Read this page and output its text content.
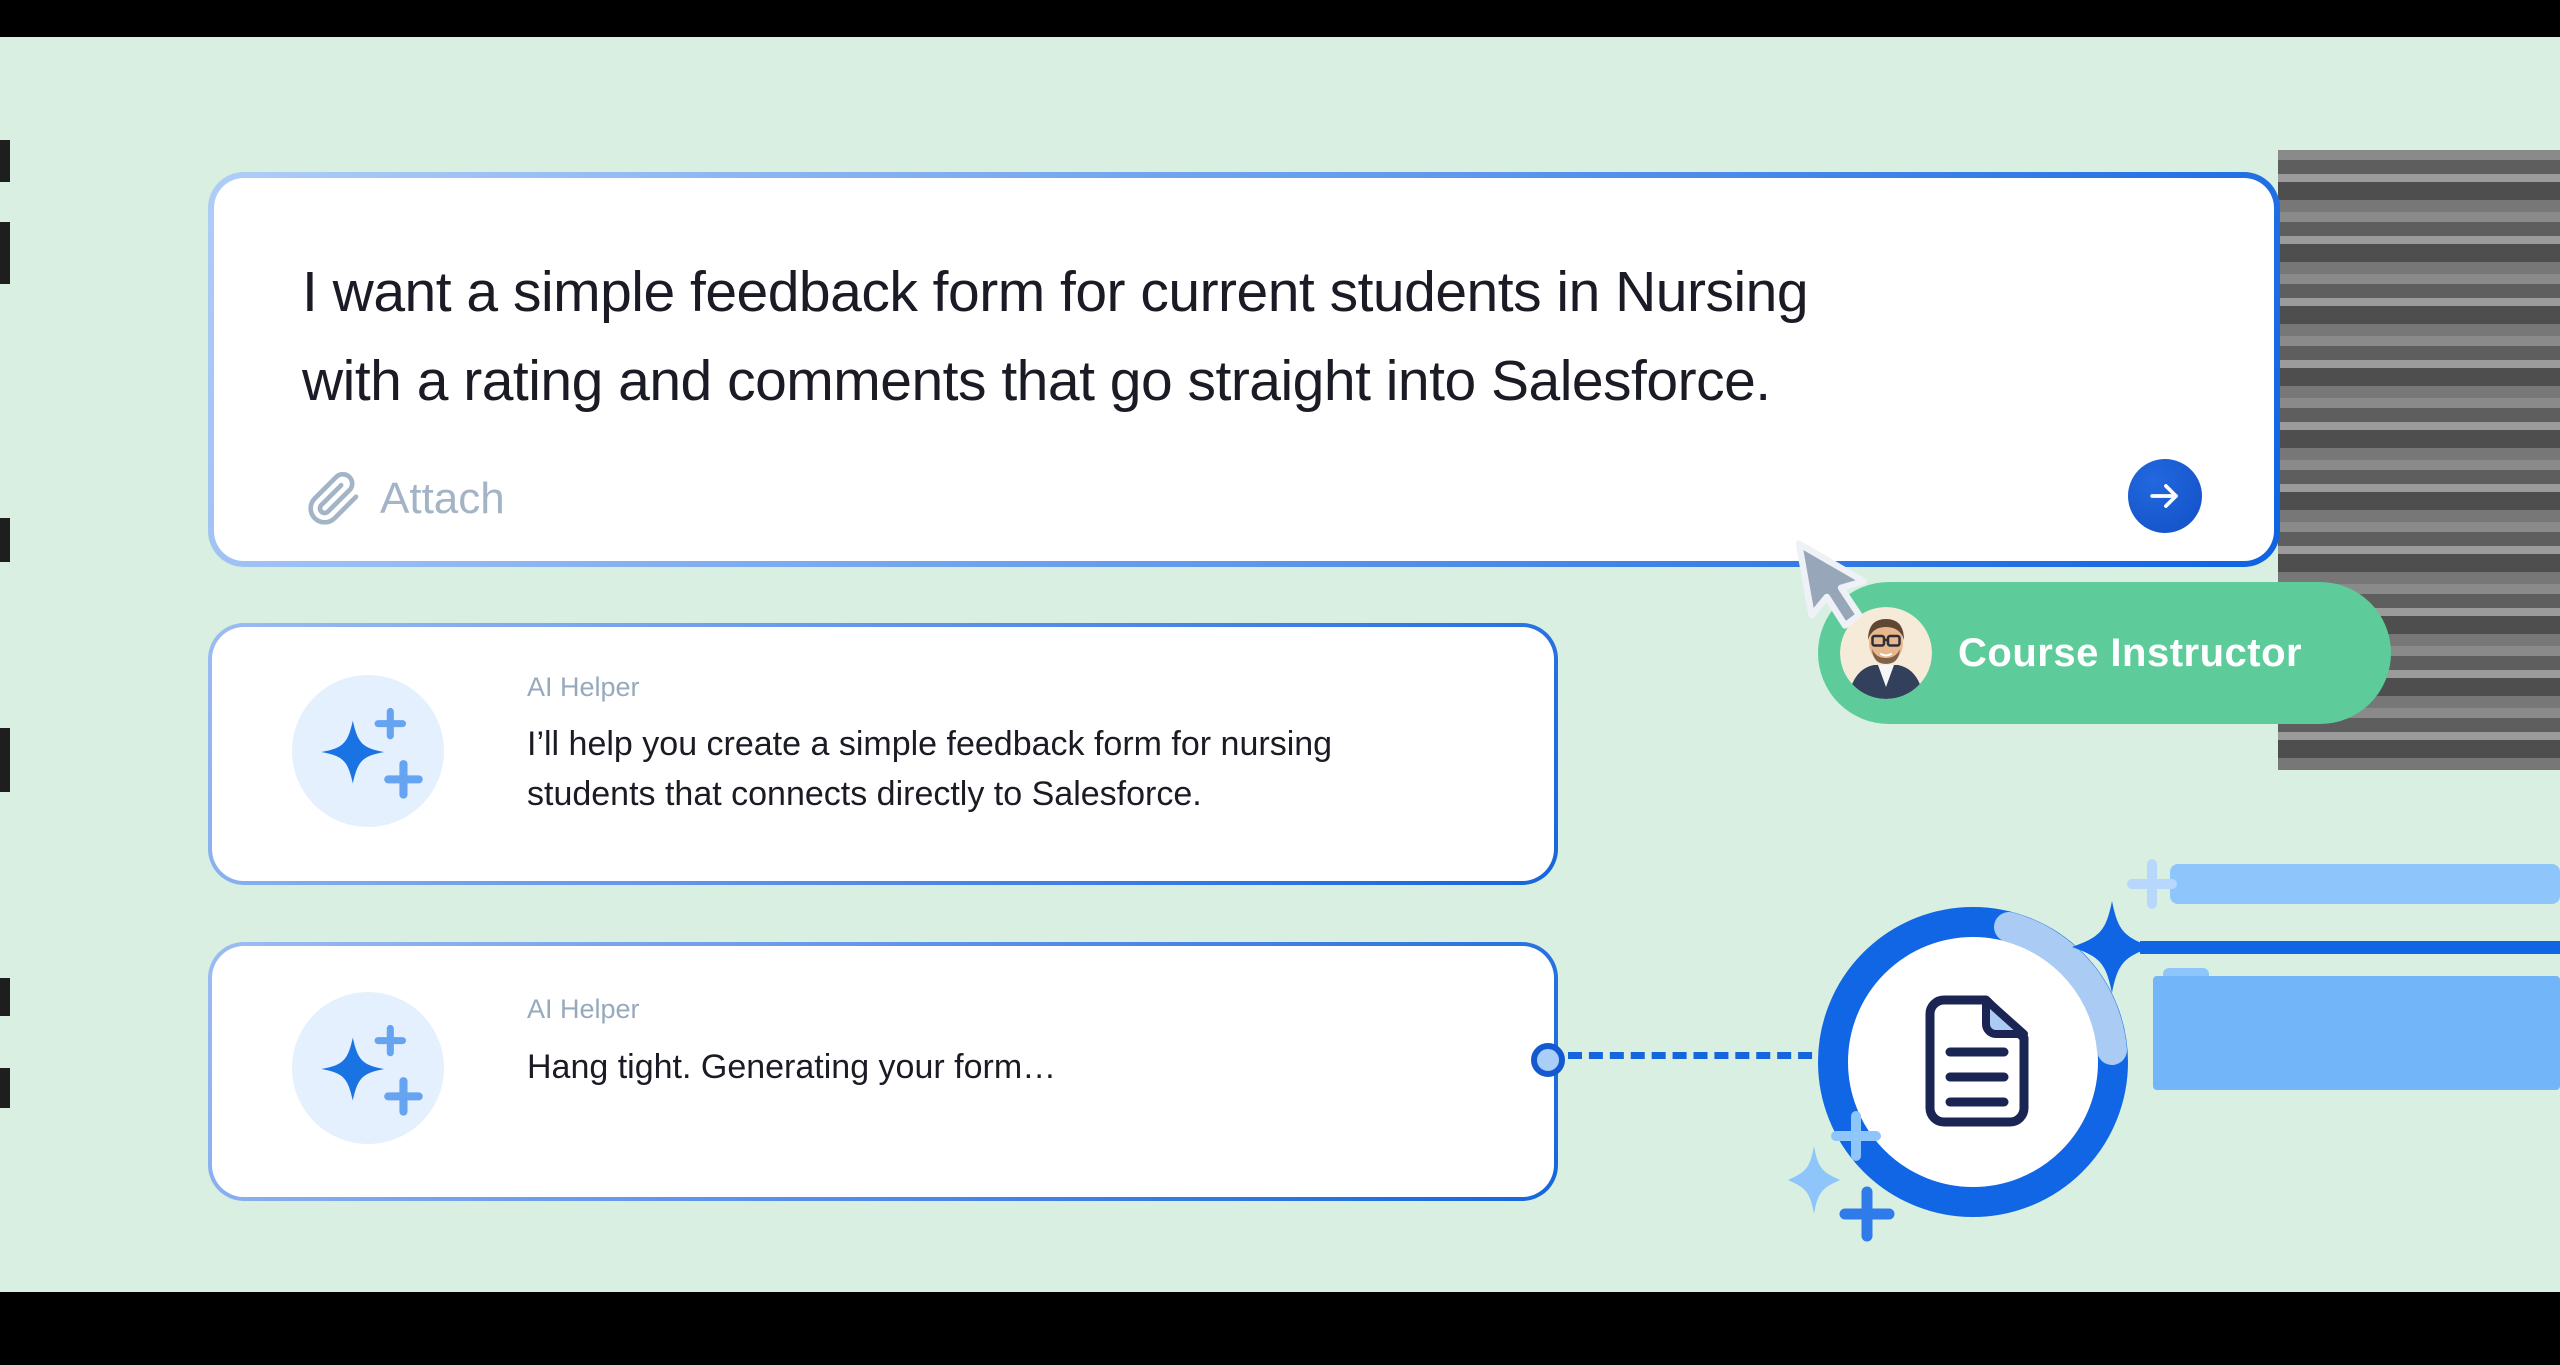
I want a simple feedback form for current students in Nursing
with a rating and comments that go straight into Salesforce.
Attach
AI Helper
I’ll help you create a simple feedback form for nursing
students that connects directly to Salesforce.
AI Helper
Hang tight. Generating your form…
Course Instructor
